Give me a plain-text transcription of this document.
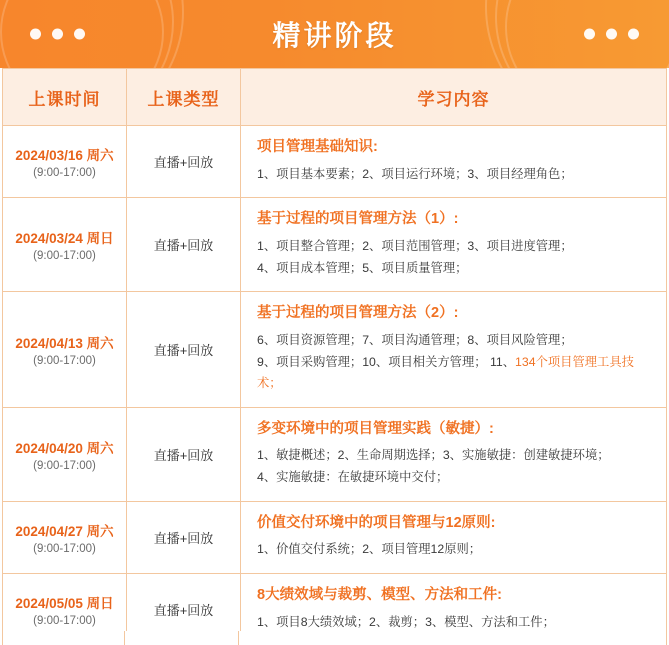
精讲阶段
上课时间	上课类型	学习内容

2024/03/16 周六
(9:00-17:00)
	直播+回放	
项目管理基础知识:
1、项目基本要素；2、项目运行环境；3、项目经理角色；

2024/03/24 周日
(9:00-17:00)
	直播+回放	
基于过程的项目管理方法（1）:
1、项目整合管理；2、项目范围管理；3、项目进度管理；
4、项目成本管理；5、项目质量管理；

2024/04/13 周六
(9:00-17:00)
	直播+回放	
基于过程的项目管理方法（2）:
6、项目资源管理；7、项目沟通管理；8、项目风险管理；
9、项目采购管理；10、项目相关方管理； 11、134个项目管理工具技术；

2024/04/20 周六
(9:00-17:00)
	直播+回放	
多变环境中的项目管理实践（敏捷）:
1、敏捷概述；2、生命周期选择；3、实施敏捷：创建敏捷环境；
4、实施敏捷：在敏捷环境中交付；

2024/04/27 周六
(9:00-17:00)
	直播+回放	
价值交付环境中的项目管理与12原则:
1、价值交付系统；2、项目管理12原则；

2024/05/05 周日
(9:00-17:00)
	直播+回放	
8大绩效域与裁剪、模型、方法和工件:
1、项目8大绩效域；2、裁剪；3、模型、方法和工件；
